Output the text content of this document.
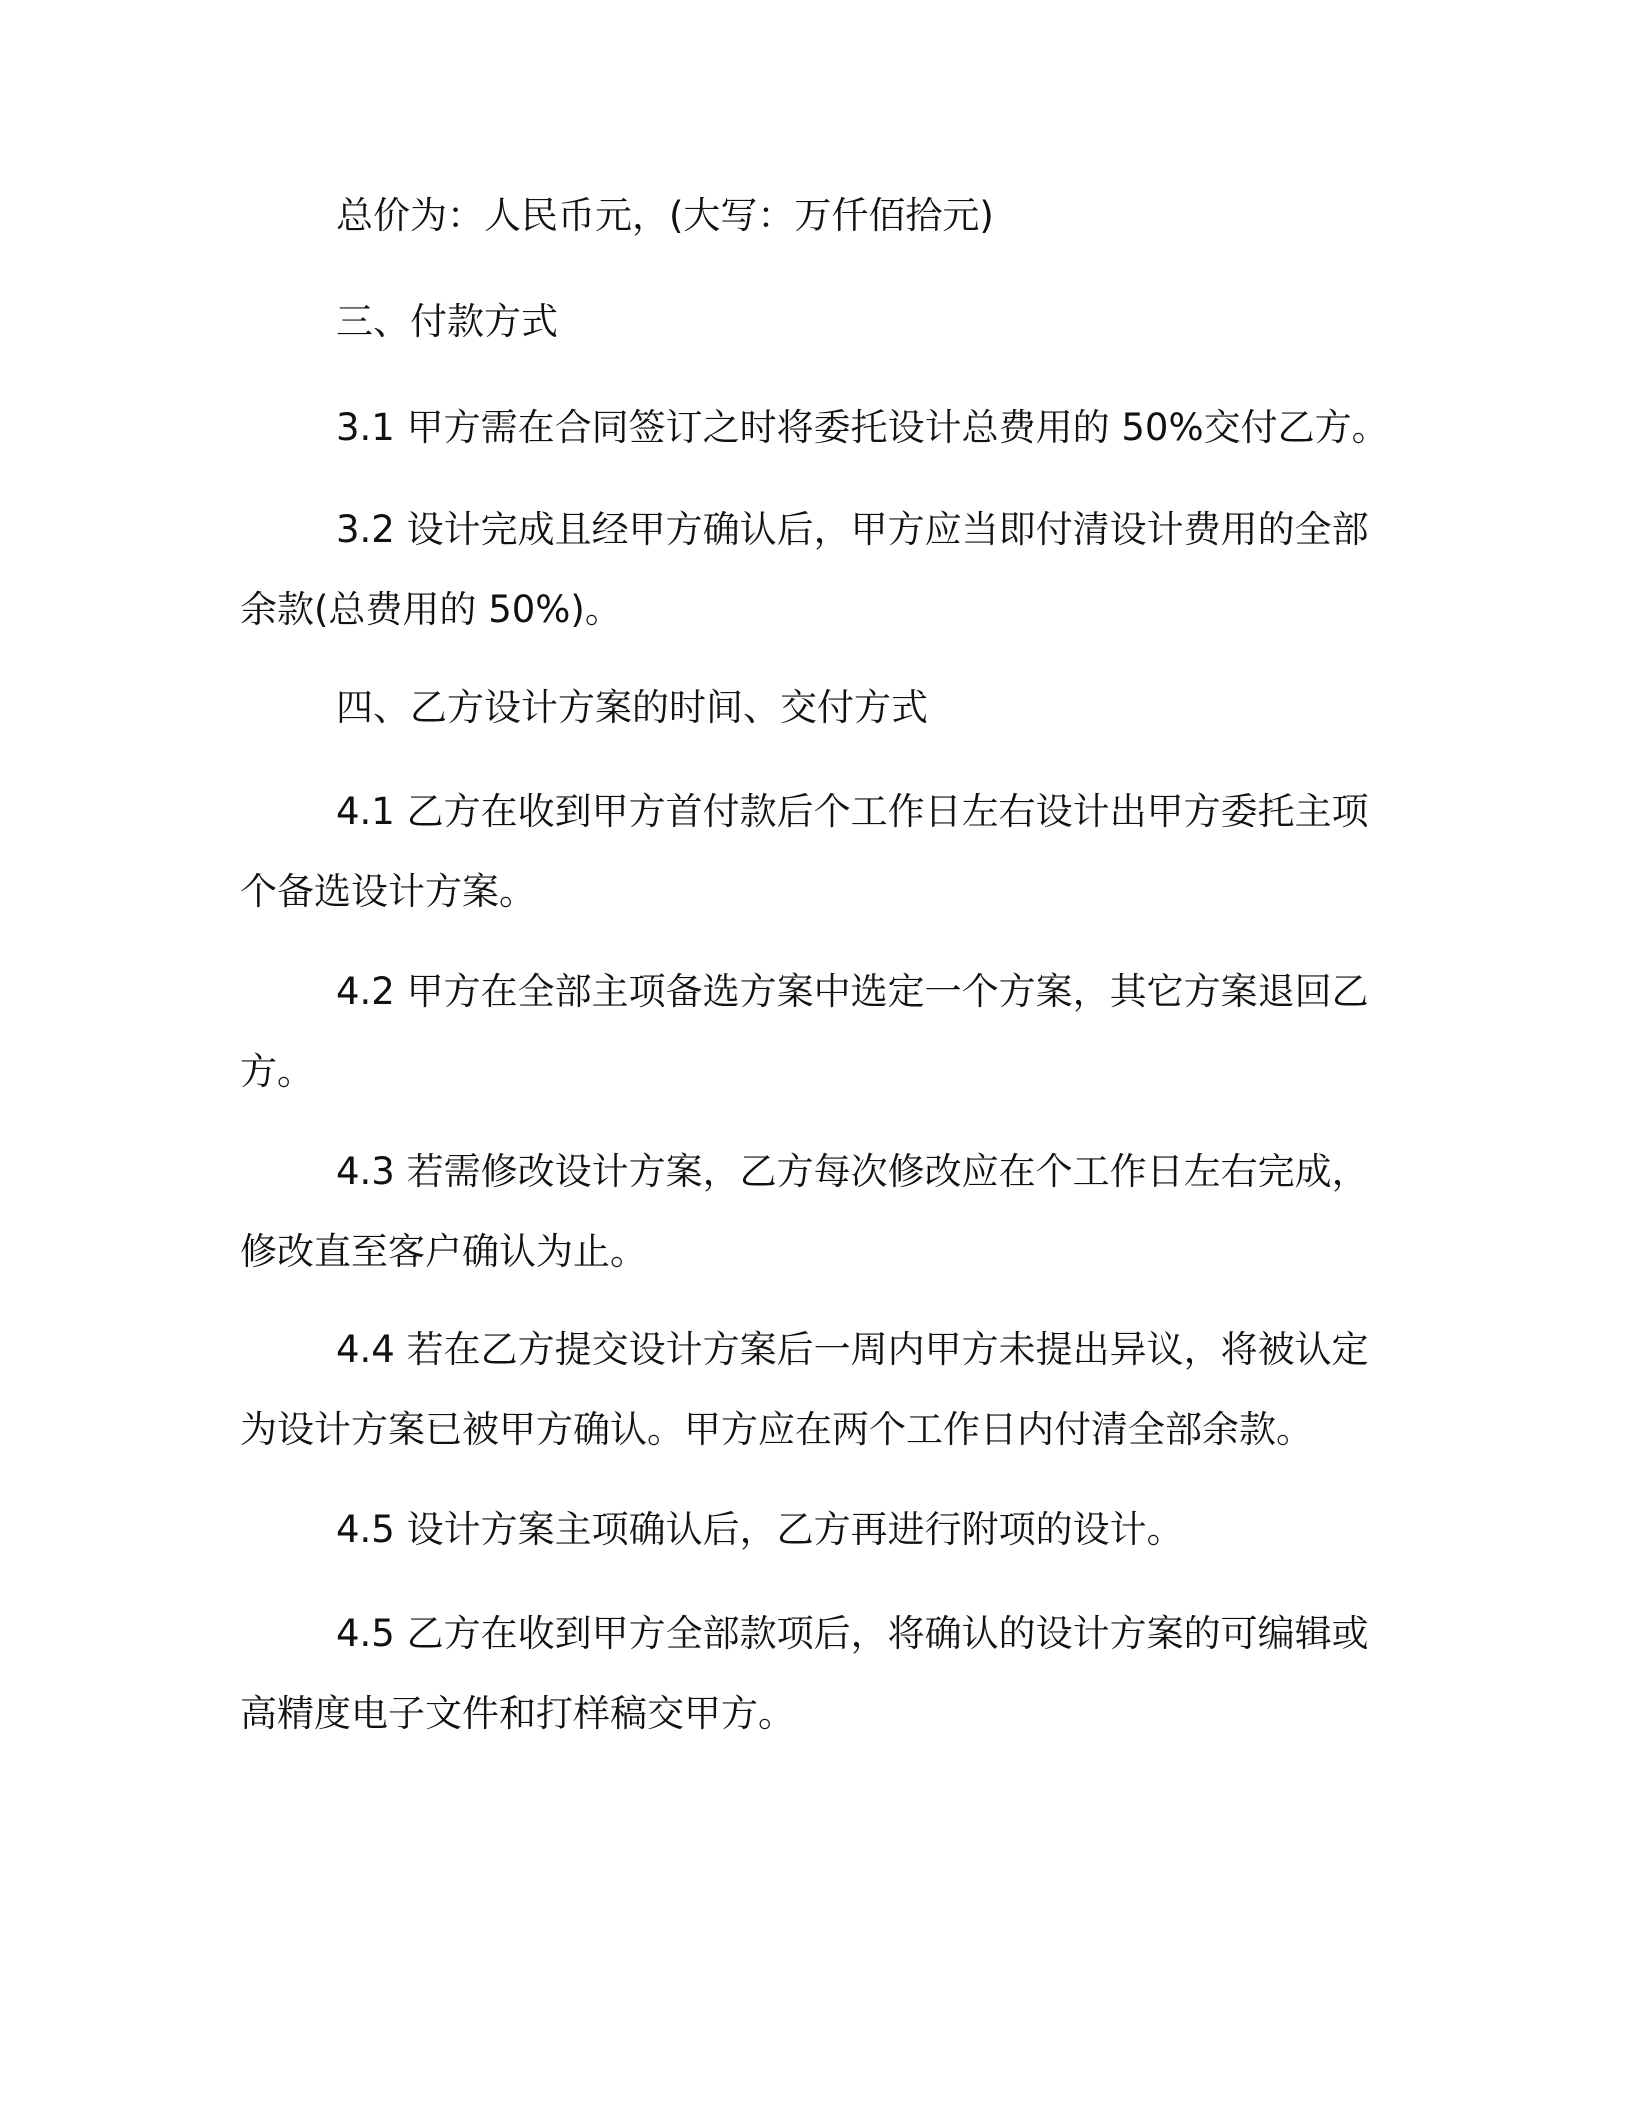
总价为：人民币元，(大写：万仟佰拾元)
三、付款方式
3.1 甲方需在合同签订之时将委托设计总费用的 50%交付乙方。
3.2 设计完成且经甲方确认后，甲方应当即付清设计费用的全部
余款(总费用的 50%)。
四、乙方设计方案的时间、交付方式
4.1 乙方在收到甲方首付款后个工作日左右设计出甲方委托主项
个备选设计方案。
4.2 甲方在全部主项备选方案中选定一个方案，其它方案退回乙
方。
4.3 若需修改设计方案，乙方每次修改应在个工作日左右完成，
修改直至客户确认为止。
4.4 若在乙方提交设计方案后一周内甲方未提出异议，将被认定
为设计方案已被甲方确认。甲方应在两个工作日内付清全部余款。
4.5 设计方案主项确认后，乙方再进行附项的设计。
4.5 乙方在收到甲方全部款项后，将确认的设计方案的可编辑或
高精度电子文件和打样稿交甲方。
